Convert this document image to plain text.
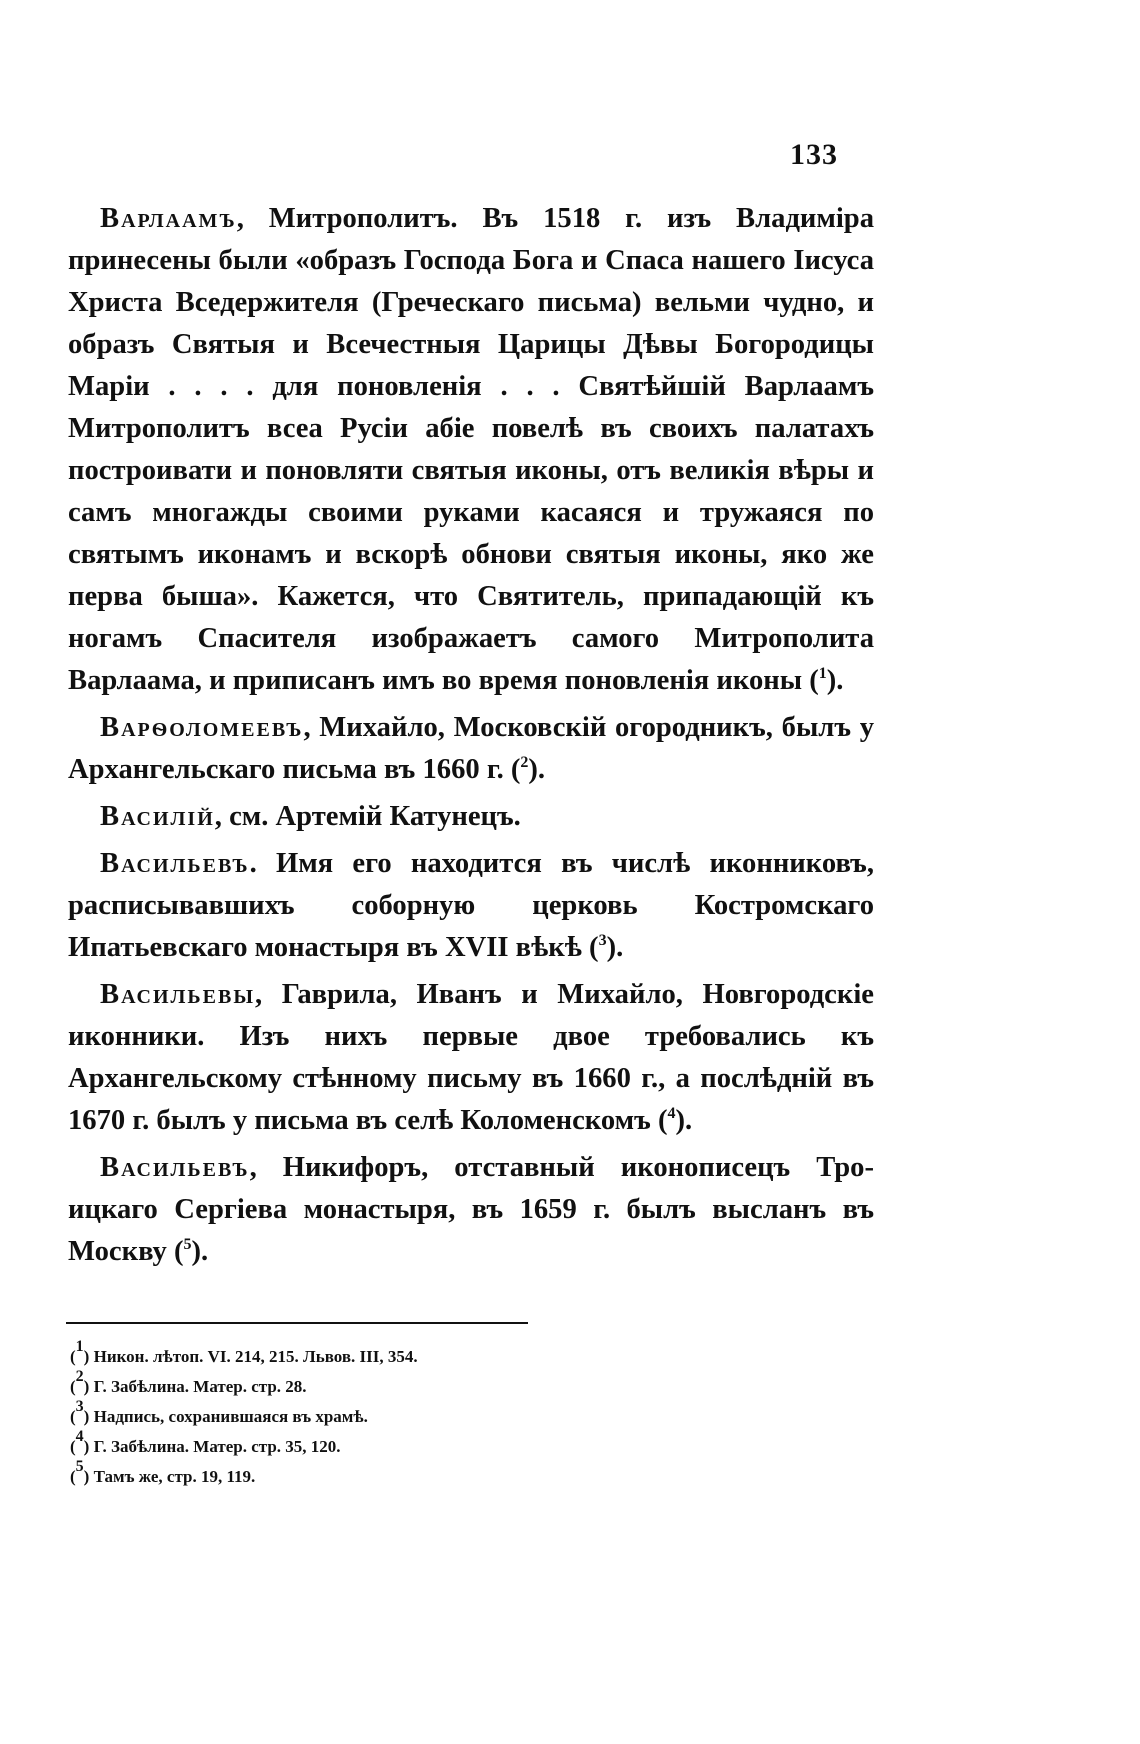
133

Варлаамъ, Митрополитъ. Въ 1518 г. изъ Владиміра принесены были «образъ Господа Бога и Спаса нашего Іисуса Христа Вседержителя (Греческаго письма) вельми чудно, и образъ Святыя и Всечестныя Царицы Дѣвы Богородицы Маріи . . . . для поновленія . . . Святѣйшій Варлаамъ Митрополитъ всеа Русіи абіе повелѣ въ своихъ палатахъ построивати и поновляти святыя иконы, отъ великія вѣры и самъ многажды своими руками касаяся и тружаяся по святымъ иконамъ и вскорѣ обнови святыя иконы, яко же перва быша». Кажется, что Святитель, припадающій къ ногамъ Спасителя изображаетъ самого Митрополита Варлаама, и приписанъ имъ во время поновленія иконы ($^1$).

Варѳоломеевъ, Михайло, Московскій огородникъ, былъ у Архангельскаго письма въ 1660 г. ($^2$).

Василій, см. Артемій Катунецъ.

Васильевъ. Имя его находится въ числѣ иконниковъ, расписывавшихъ соборную церковь Костромскаго Ипатьевскаго монастыря въ XVII вѣкѣ ($^3$).

Васильевы, Гаврила, Иванъ и Михайло, Новгородскіе иконники. Изъ нихъ первые двое требовались къ Архангельскому стѣнному письму въ 1660 г., а послѣдній въ 1670 г. былъ у письма въ селѣ Коломенскомъ ($^4$).

Васильевъ, Никифоръ, отставный иконописецъ Троицкаго Сергіева монастыря, въ 1659 г. былъ высланъ въ Москву ($^5$).

($^1$) Никон. лѣтоп. VI. 214, 215. Львов. III, 354.

($^2$) Г. Забѣлина. Матер. стр. 28.

($^3$) Надпись, сохранившаяся въ храмѣ.

($^4$) Г. Забѣлина. Матер. стр. 35, 120.

($^5$) Тамъ же, стр. 19, 119.
